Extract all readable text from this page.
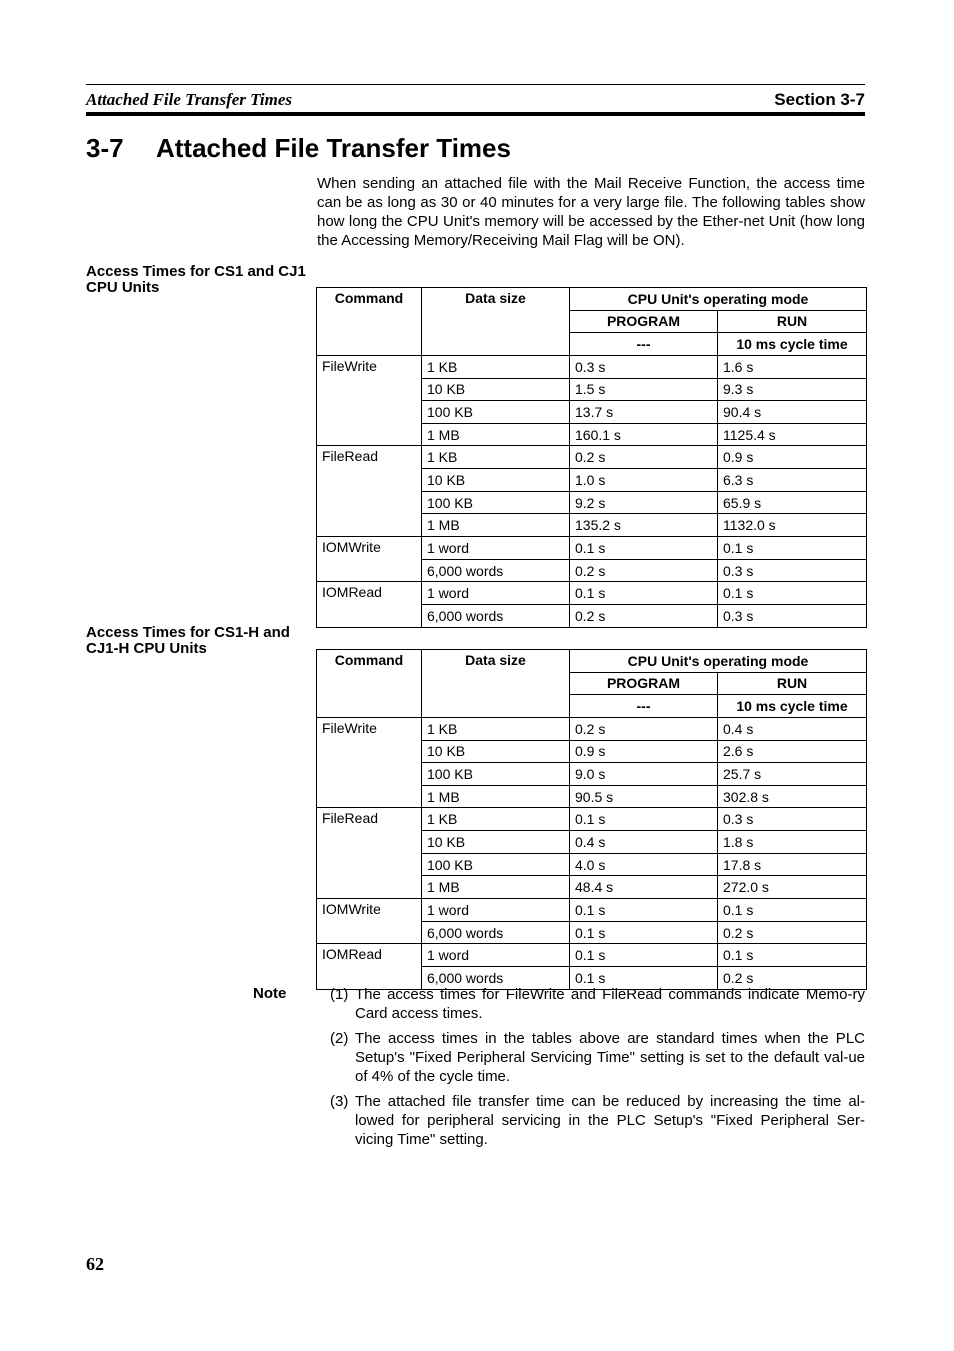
Attached File Transfer Times	Section 3-7
3-7 Attached File Transfer Times

When sending an attached file with the Mail Receive Function, the access time can be as long as 30 or 40 minutes for a very large file. The following tables show how long the CPU Unit's memory will be accessed by the Ether-net Unit (how long the Accessing Memory/Receiving Mail Flag will be ON).

Access Times for CS1 and CJ1 CPU Units
Command	Data size	CPU Unit's operating mode	
		PROGRAM	RUN
		---	10 ms cycle time
FileWrite	1 KB	0.3 s	1.6 s
	10 KB	1.5 s	9.3 s
	100 KB	13.7 s	90.4 s
	1 MB	160.1 s	1125.4 s
FileRead	1 KB	0.2 s	0.9 s
	10 KB	1.0 s	6.3 s
	100 KB	9.2 s	65.9 s
	1 MB	135.2 s	1132.0 s
IOMWrite	1 word	0.1 s	0.1 s
	6,000 words	0.2 s	0.3 s
IOMRead	1 word	0.1 s	0.1 s
	6,000 words	0.2 s	0.3 s
Access Times for CS1-H and CJ1-H CPU Units
Command	Data size	CPU Unit's operating mode	
		PROGRAM	RUN
		---	10 ms cycle time
FileWrite	1 KB	0.2 s	0.4 s
	10 KB	0.9 s	2.6 s
	100 KB	9.0 s	25.7 s
	1 MB	90.5 s	302.8 s
FileRead	1 KB	0.1 s	0.3 s
	10 KB	0.4 s	1.8 s
	100 KB	4.0 s	17.8 s
	1 MB	48.4 s	272.0 s
IOMWrite	1 word	0.1 s	0.1 s
	6,000 words	0.1 s	0.2 s
IOMRead	1 word	0.1 s	0.1 s
	6,000 words	0.1 s	0.2 s
Note	(1) The access times for FileWrite and FileRead commands indicate Memo-ry Card access times.
(2) The access times in the tables above are standard times when the PLC Setup's "Fixed Peripheral Servicing Time" setting is set to the default val-ue of 4% of the cycle time.
(3) The attached file transfer time can be reduced by increasing the time al-lowed for peripheral servicing in the PLC Setup's "Fixed Peripheral Ser-vicing Time" setting.
62
